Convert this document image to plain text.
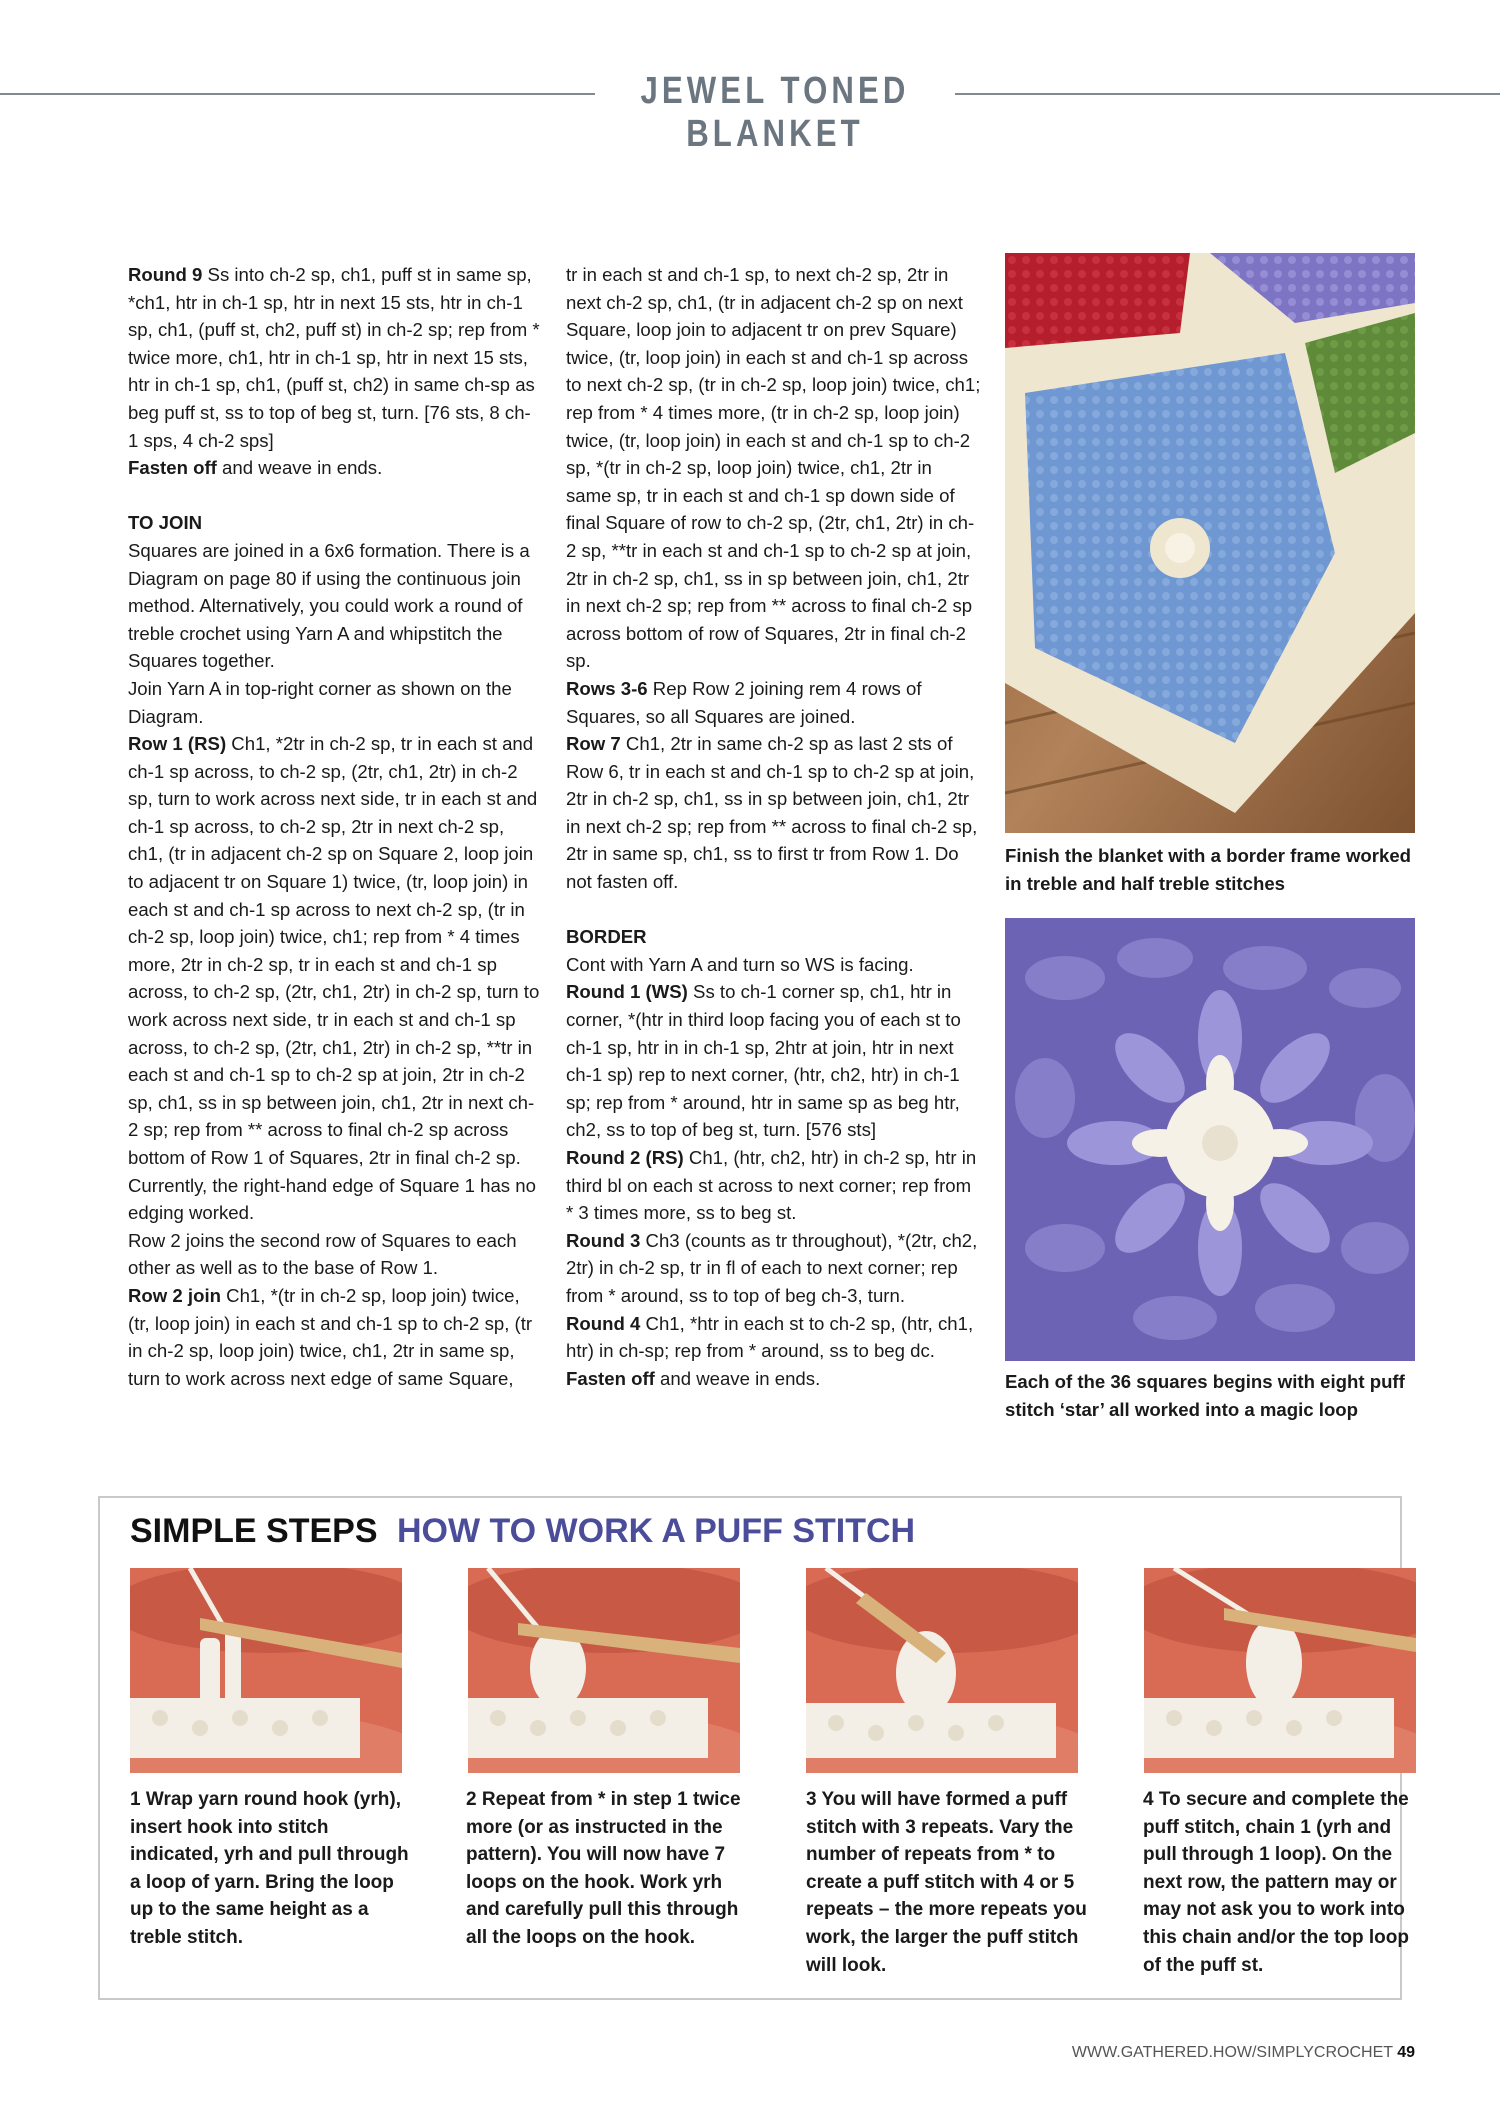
JEWEL TONED BLANKET

Round 9 Ss into ch-2 sp, ch1, puff st in same sp, *ch1, htr in ch-1 sp, htr in next 15 sts, htr in ch-1 sp, ch1, (puff st, ch2, puff st) in ch-2 sp; rep from * twice more, ch1, htr in ch-1 sp, htr in next 15 sts, htr in ch-1 sp, ch1, (puff st, ch2) in same ch-sp as beg puff st, ss to top of beg st, turn. [76 sts, 8 ch-1 sps, 4 ch-2 sps]

Fasten off and weave in ends.

TO JOIN

Squares are joined in a 6x6 formation. There is a Diagram on page 80 if using the continuous join method. Alternatively, you could work a round of treble crochet using Yarn A and whipstitch the Squares together.

Join Yarn A in top-right corner as shown on the Diagram.

Row 1 (RS) Ch1, *2tr in ch-2 sp, tr in each st and ch-1 sp across, to ch-2 sp, (2tr, ch1, 2tr) in ch-2 sp, turn to work across next side, tr in each st and ch-1 sp across, to ch-2 sp, 2tr in next ch-2 sp, ch1, (tr in adjacent ch-2 sp on Square 2, loop join to adjacent tr on Square 1) twice, (tr, loop join) in each st and ch-1 sp across to next ch-2 sp, (tr in ch-2 sp, loop join) twice, ch1; rep from * 4 times more, 2tr in ch-2 sp, tr in each st and ch-1 sp across, to ch-2 sp, (2tr, ch1, 2tr) in ch-2 sp, turn to work across next side, tr in each st and ch-1 sp across, to ch-2 sp, (2tr, ch1, 2tr) in ch-2 sp, **tr in each st and ch-1 sp to ch-2 sp at join, 2tr in ch-2 sp, ch1, ss in sp between join, ch1, 2tr in next ch-2 sp; rep from ** across to final ch-2 sp across bottom of Row 1 of Squares, 2tr in final ch-2 sp.

Currently, the right-hand edge of Square 1 has no edging worked.

Row 2 joins the second row of Squares to each other as well as to the base of Row 1.

Row 2 join Ch1, *(tr in ch-2 sp, loop join) twice, (tr, loop join) in each st and ch-1 sp to ch-2 sp, (tr in ch-2 sp, loop join) twice, ch1, 2tr in same sp, turn to work across next edge of same Square,

tr in each st and ch-1 sp, to next ch-2 sp, 2tr in next ch-2 sp, ch1, (tr in adjacent ch-2 sp on next Square, loop join to adjacent tr on prev Square) twice, (tr, loop join) in each st and ch-1 sp across to next ch-2 sp, (tr in ch-2 sp, loop join) twice, ch1; rep from * 4 times more, (tr in ch-2 sp, loop join) twice, (tr, loop join) in each st and ch-1 sp to ch-2 sp, *(tr in ch-2 sp, loop join) twice, ch1, 2tr in same sp, tr in each st and ch-1 sp down side of final Square of row to ch-2 sp, (2tr, ch1, 2tr) in ch-2 sp, **tr in each st and ch-1 sp to ch-2 sp at join, 2tr in ch-2 sp, ch1, ss in sp between join, ch1, 2tr in next ch-2 sp; rep from ** across to final ch-2 sp across bottom of row of Squares, 2tr in final ch-2 sp.

Rows 3-6 Rep Row 2 joining rem 4 rows of Squares, so all Squares are joined.

Row 7 Ch1, 2tr in same ch-2 sp as last 2 sts of Row 6, tr in each st and ch-1 sp to ch-2 sp at join, 2tr in ch-2 sp, ch1, ss in sp between join, ch1, 2tr in next ch-2 sp; rep from ** across to final ch-2 sp, 2tr in same sp, ch1, ss to first tr from Row 1. Do not fasten off.

BORDER

Cont with Yarn A and turn so WS is facing.

Round 1 (WS) Ss to ch-1 corner sp, ch1, htr in corner, *(htr in third loop facing you of each st to ch-1 sp, htr in in ch-1 sp, 2htr at join, htr in next ch-1 sp) rep to next corner, (htr, ch2, htr) in ch-1 sp; rep from * around, htr in same sp as beg htr, ch2, ss to top of beg st, turn. [576 sts]

Round 2 (RS) Ch1, (htr, ch2, htr) in ch-2 sp, htr in third bl on each st across to next corner; rep from * 3 times more, ss to beg st.

Round 3 Ch3 (counts as tr throughout), *(2tr, ch2, 2tr) in ch-2 sp, tr in fl of each to next corner; rep from * around, ss to top of beg ch-3, turn.

Round 4 Ch1, *htr in each st to ch-2 sp, (htr, ch1, htr) in ch-sp; rep from * around, ss to beg dc.

Fasten off and weave in ends.

Finish the blanket with a border frame worked in treble and half treble stitches
Each of the 36 squares begins with eight puff stitch ‘star’ all worked into a magic loop
SIMPLE STEPS HOW TO WORK A PUFF STITCH
1 Wrap yarn round hook (yrh), insert hook into stitch indicated, yrh and pull through a loop of yarn. Bring the loop up to the same height as a treble stitch.
2 Repeat from * in step 1 twice more (or as instructed in the pattern). You will now have 7 loops on the hook. Work yrh and carefully pull this through all the loops on the hook.
3 You will have formed a puff stitch with 3 repeats. Vary the number of repeats from * to create a puff stitch with 4 or 5 repeats – the more repeats you work, the larger the puff stitch will look.
4 To secure and complete the puff stitch, chain 1 (yrh and pull through 1 loop). On the next row, the pattern may or may not ask you to work into this chain and/or the top loop of the puff st.
WWW.GATHERED.HOW/SIMPLYCROCHET 49
